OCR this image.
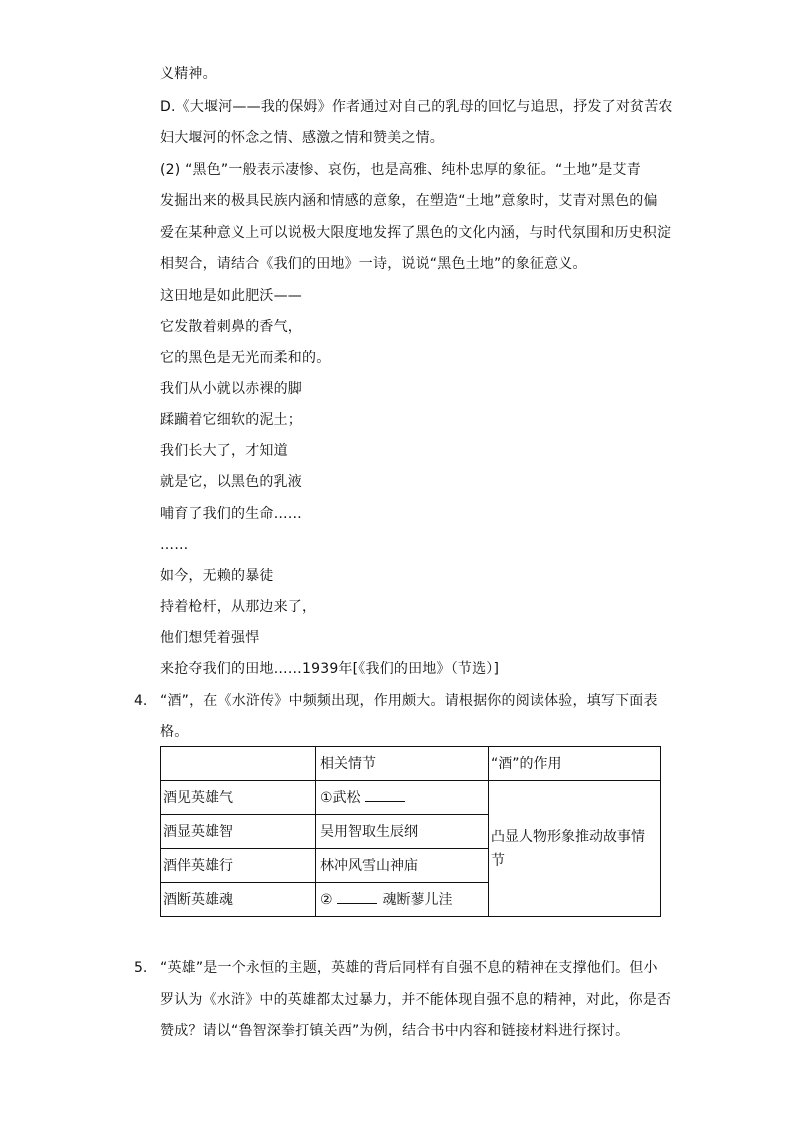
义精神。
D.《大堰河——我的保姆》作者通过对自己的乳母的回忆与追思，抒发了对贫苦农
妇大堰河的怀念之情、感激之情和赞美之情。
(2) “黑色”一般表示凄惨、哀伤，也是高雅、纯朴忠厚的象征。“土地”是艾青
发掘出来的极具民族内涵和情感的意象，在塑造“土地”意象时，艾青对黑色的偏
爱在某种意义上可以说极大限度地发挥了黑色的文化内涵，与时代氛围和历史积淀
相契合，请结合《我们的田地》一诗，说说“黑色土地”的象征意义。
这田地是如此肥沃——
它发散着刺鼻的香气，
它的黑色是无光而柔和的。
我们从小就以赤裸的脚
蹂躏着它细软的泥土；
我们长大了，才知道
就是它，以黑色的乳液
哺育了我们的生命……
……
如今，无赖的暴徒
持着枪杆，从那边来了，
他们想凭着强悍
来抢夺我们的田地……1939年[《我们的田地》（节选）]
4. “酒”，在《水浒传》中频频出现，作用颇大。请根据你的阅读体验，填写下面表
格。
	相关情节	“酒”的作用
酒见英雄气	①武松	凸显人物形象推动故事情节
酒显英雄智	吴用智取生辰纲	
酒伴英雄行	林冲风雪山神庙	
酒断英雄魂	② 魂断蓼儿洼	
5. “英雄”是一个永恒的主题，英雄的背后同样有自强不息的精神在支撑他们。但小
罗认为《水浒》中的英雄都太过暴力，并不能体现自强不息的精神，对此，你是否
赞成？请以“鲁智深拳打镇关西”为例，结合书中内容和链接材料进行探讨。
